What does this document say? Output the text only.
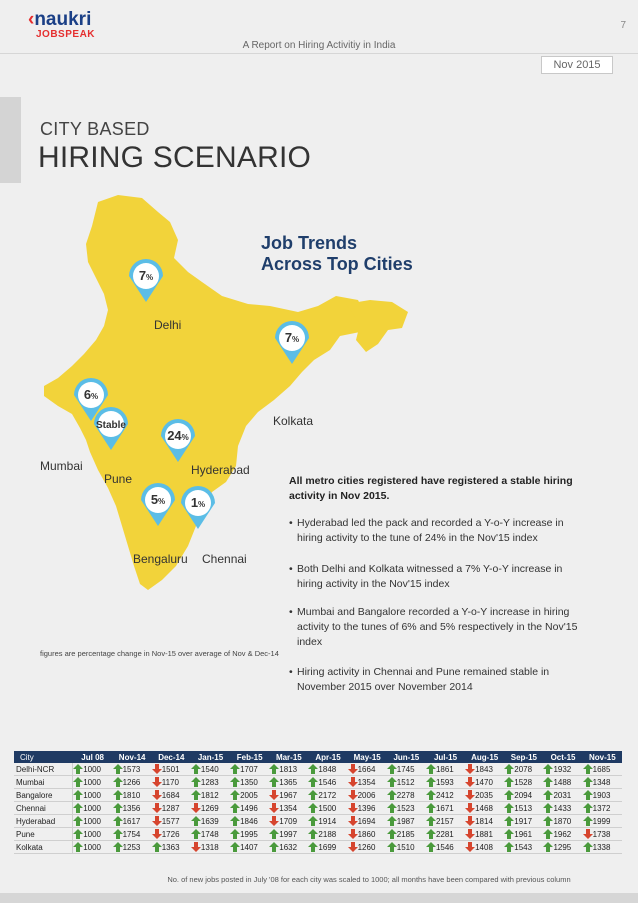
‹naukri
JOBSPEAK
7
A Report on Hiring Activitiy in India
Nov 2015
CITY BASED
HIRING SCENARIO
7%
7%
6%
Stable
24%
5% 1%
Job Trends
Across Top Cities
Delhi
Kolkata
Mumbai
Pune
Hyderabad
Bengaluru Chennai
figures are percentage change in Nov-15 over average of Nov & Dec-14
All metro cities registered have registered a stable hiring activity in Nov 2015.
• Hyderabad led the pack and recorded a Y-o-Y increase in
hiring activity to the tune of 24% in the Nov'15 index
• Both Delhi and Kolkata witnessed a 7% Y-o-Y increase in
hiring activity in the Nov'15 index
• Mumbai and Bangalore recorded a Y-o-Y increase in hiring
activity to the tunes of 6% and 5% respectively in the Nov'15
index
• Hiring activity in Chennai and Pune remained stable in
November 2015 over November 2014
City	Jul 08	Nov-14	Dec-14	Jan-15	Feb-15	Mar-15	Apr-15	May-15	Jun-15	Jul-15	Aug-15	Sep-15	Oct-15	Nov-15
Delhi-NCR	1000	1573	1501	1540	1707	1813	1848	1664	1745	1861	1843	2078	1932	1685
Mumbai	1000	1266	1170	1283	1350	1365	1546	1354	1512	1593	1470	1528	1488	1348
Bangalore	1000	1810	1684	1812	2005	1967	2172	2006	2278	2412	2035	2094	2031	1903
Chennai	1000	1356	1287	1269	1496	1354	1500	1396	1523	1671	1468	1513	1433	1372
Hyderabad	1000	1617	1577	1639	1846	1709	1914	1694	1987	2157	1814	1917	1870	1999
Pune	1000	1754	1726	1748	1995	1997	2188	1860	2185	2281	1881	1961	1962	1738
Kolkata	1000	1253	1363	1318	1407	1632	1699	1260	1510	1546	1408	1543	1295	1338
No. of new jobs posted in July '08 for each city was scaled to 1000; all months have been compared with previous column
